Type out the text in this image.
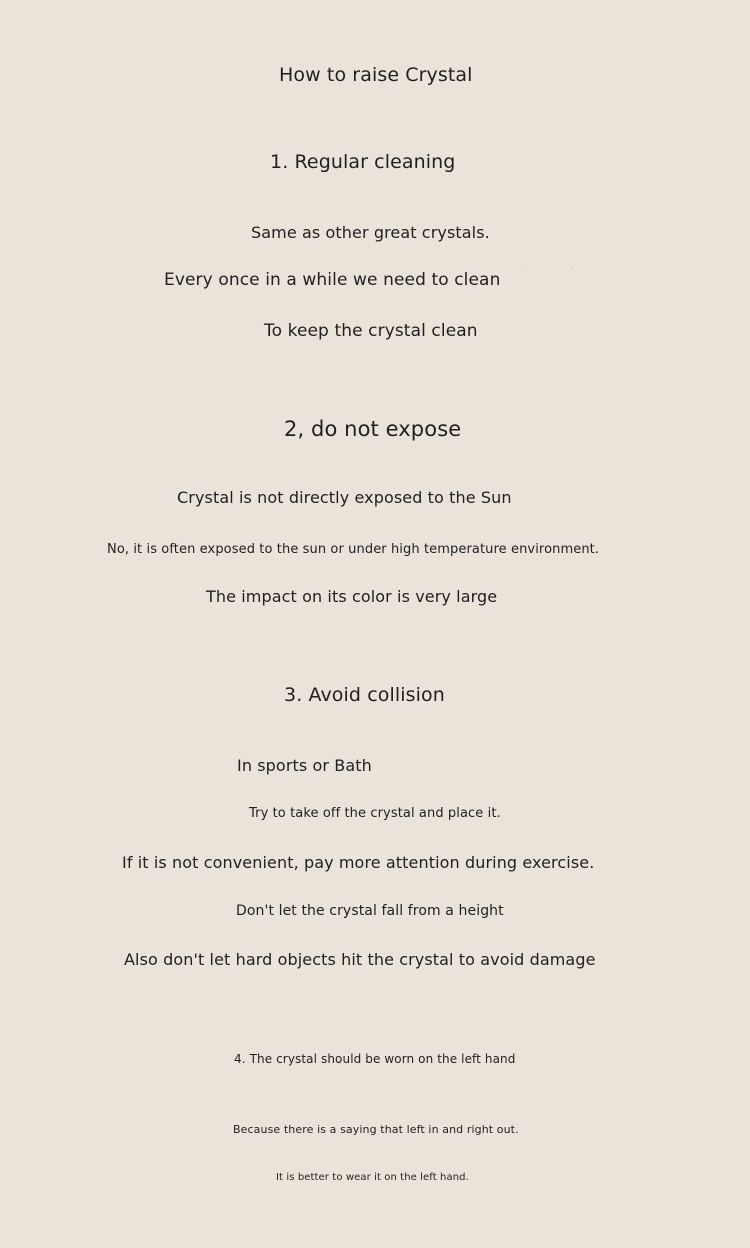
How to raise Crystal
1. Regular cleaning
Same as other great crystals.
Every once in a while we need to clean
To keep the crystal clean
2, do not expose
Crystal is not directly exposed to the Sun
No, it is often exposed to the sun or under high temperature environment.
The impact on its color is very large
3. Avoid collision
In sports or Bath
Try to take off the crystal and place it.
If it is not convenient, pay more attention during exercise.
Don't let the crystal fall from a height
Also don't let hard objects hit the crystal to avoid damage
4. The crystal should be worn on the left hand
Because there is a saying that left in and right out.
It is better to wear it on the left hand.
